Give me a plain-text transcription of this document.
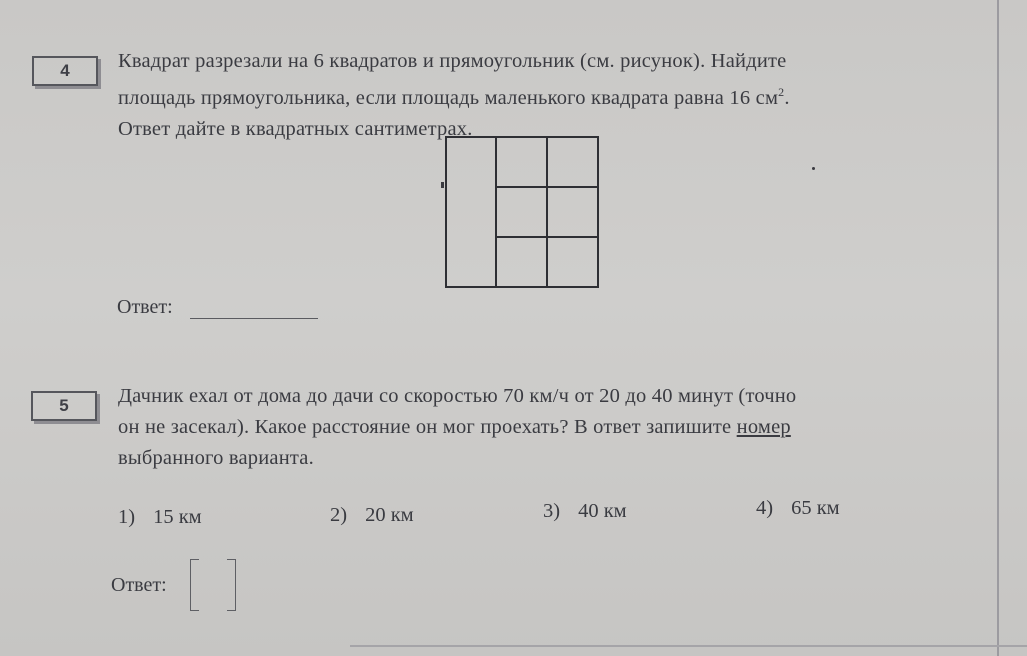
4	Квадрат разрезали на 6 квадратов и прямоугольник (см. рисунок). Найдите

площадь прямоугольника, если площадь маленького квадрата равна 16 $см^2$.

Ответ дайте в квадратных сантиметрах.

Ответ:
5	Дачник ехал от дома до дачи со скоростью 70 км/ч от 20 до 40 минут (точно

он не засекал). Какое расстояние он мог проехать? В ответ запишите номер

выбранного варианта.

1) 15 км	2) 20 км	3) 40 км	4) 65 км
Ответ:
